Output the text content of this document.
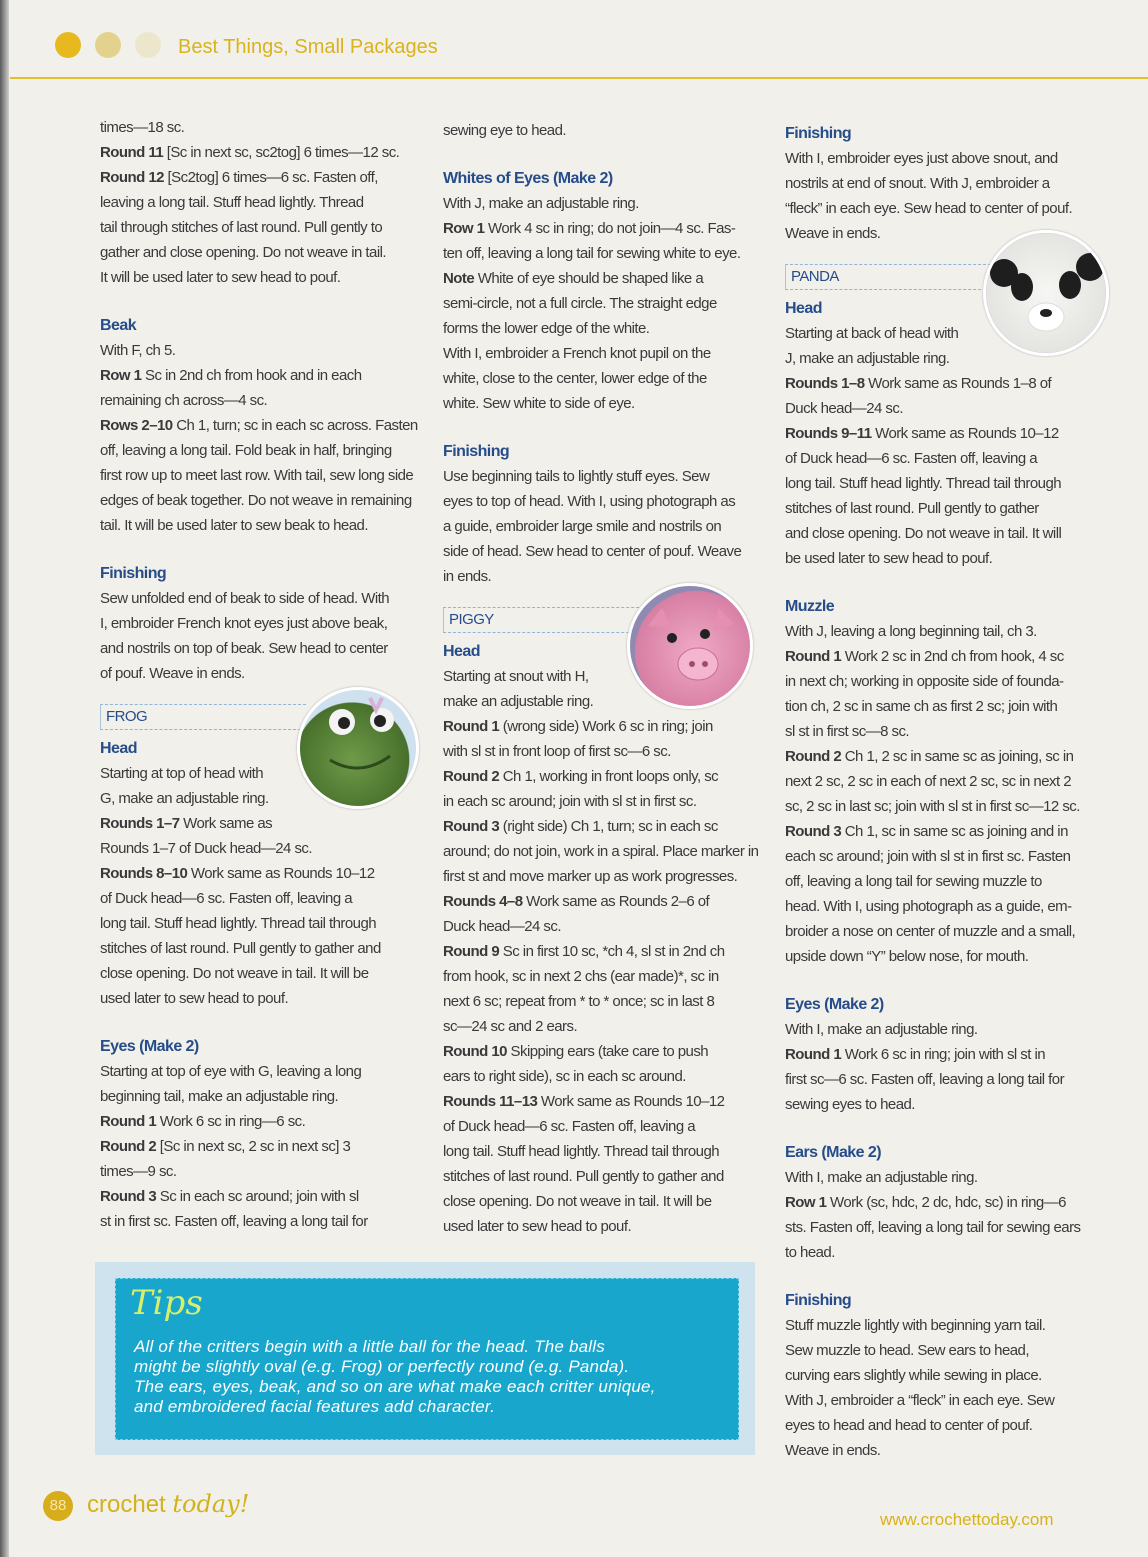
Best Things, Small Packages

times—18 sc.

Round 11 [Sc in next sc, sc2tog] 6 times—12 sc.

Round 12 [Sc2tog] 6 times—6 sc. Fasten off,
leaving a long tail. Stuff head lightly. Thread
tail through stitches of last round. Pull gently to
gather and close opening. Do not weave in tail.
It will be used later to sew head to pouf.

Beak

With F, ch 5.

Row 1 Sc in 2nd ch from hook and in each
remaining ch across—4 sc.

Rows 2–10 Ch 1, turn; sc in each sc across. Fasten
off, leaving a long tail. Fold beak in half, bringing
first row up to meet last row. With tail, sew long side
edges of beak together. Do not weave in remaining
tail. It will be used later to sew beak to head.

Finishing

Sew unfolded end of beak to side of head. With
I, embroider French knot eyes just above beak,
and nostrils on top of beak. Sew head to center
of pouf. Weave in ends.

FROG
Head

Starting at top of head with
G, make an adjustable ring.

Rounds 1–7 Work same as
Rounds 1–7 of Duck head—24 sc.

Rounds 8–10 Work same as Rounds 10–12
of Duck head—6 sc. Fasten off, leaving a
long tail. Stuff head lightly. Thread tail through
stitches of last round. Pull gently to gather and
close opening. Do not weave in tail. It will be
used later to sew head to pouf.

Eyes (Make 2)

Starting at top of eye with G, leaving a long
beginning tail, make an adjustable ring.

Round 1 Work 6 sc in ring—6 sc.

Round 2 [Sc in next sc, 2 sc in next sc] 3
times—9 sc.

Round 3 Sc in each sc around; join with sl
st in first sc. Fasten off, leaving a long tail for

sewing eye to head.

Whites of Eyes (Make 2)

With J, make an adjustable ring.

Row 1 Work 4 sc in ring; do not join—4 sc. Fas-
ten off, leaving a long tail for sewing white to eye.

Note White of eye should be shaped like a
semi-circle, not a full circle. The straight edge
forms the lower edge of the white.

With I, embroider a French knot pupil on the
white, close to the center, lower edge of the
white. Sew white to side of eye.

Finishing

Use beginning tails to lightly stuff eyes. Sew
eyes to top of head. With I, using photograph as
a guide, embroider large smile and nostrils on
side of head. Sew head to center of pouf. Weave
in ends.

PIGGY
Head

Starting at snout with H,
make an adjustable ring.

Round 1 (wrong side) Work 6 sc in ring; join
with sl st in front loop of first sc—6 sc.

Round 2 Ch 1, working in front loops only, sc
in each sc around; join with sl st in first sc.

Round 3 (right side) Ch 1, turn; sc in each sc
around; do not join, work in a spiral. Place marker in
first st and move marker up as work progresses.

Rounds 4–8 Work same as Rounds 2–6 of
Duck head—24 sc.

Round 9 Sc in first 10 sc, *ch 4, sl st in 2nd ch
from hook, sc in next 2 chs (ear made)*, sc in
next 6 sc; repeat from * to * once; sc in last 8
sc—24 sc and 2 ears.

Round 10 Skipping ears (take care to push
ears to right side), sc in each sc around.

Rounds 11–13 Work same as Rounds 10–12
of Duck head—6 sc. Fasten off, leaving a
long tail. Stuff head lightly. Thread tail through
stitches of last round. Pull gently to gather and
close opening. Do not weave in tail. It will be
used later to sew head to pouf.

Finishing

With I, embroider eyes just above snout, and
nostrils at end of snout. With J, embroider a
“fleck” in each eye. Sew head to center of pouf.
Weave in ends.

PANDA
Head

Starting at back of head with
J, make an adjustable ring.

Rounds 1–8 Work same as Rounds 1–8 of
Duck head—24 sc.

Rounds 9–11 Work same as Rounds 10–12
of Duck head—6 sc. Fasten off, leaving a
long tail. Stuff head lightly. Thread tail through
stitches of last round. Pull gently to gather
and close opening. Do not weave in tail. It will
be used later to sew head to pouf.

Muzzle

With J, leaving a long beginning tail, ch 3.

Round 1 Work 2 sc in 2nd ch from hook, 4 sc
in next ch; working in opposite side of founda-
tion ch, 2 sc in same ch as first 2 sc; join with
sl st in first sc—8 sc.

Round 2 Ch 1, 2 sc in same sc as joining, sc in
next 2 sc, 2 sc in each of next 2 sc, sc in next 2
sc, 2 sc in last sc; join with sl st in first sc—12 sc.

Round 3 Ch 1, sc in same sc as joining and in
each sc around; join with sl st in first sc. Fasten
off, leaving a long tail for sewing muzzle to
head. With I, using photograph as a guide, em-
broider a nose on center of muzzle and a small,
upside down “Y” below nose, for mouth.

Eyes (Make 2)

With I, make an adjustable ring.

Round 1 Work 6 sc in ring; join with sl st in
first sc—6 sc. Fasten off, leaving a long tail for
sewing eyes to head.

Ears (Make 2)

With I, make an adjustable ring.

Row 1 Work (sc, hdc, 2 dc, hdc, sc) in ring—6
sts. Fasten off, leaving a long tail for sewing ears
to head.

Finishing

Stuff muzzle lightly with beginning yarn tail.
Sew muzzle to head. Sew ears to head,
curving ears slightly while sewing in place.
With J, embroider a “fleck” in each eye. Sew
eyes to head and head to center of pouf.
Weave in ends.

Tips
All of the critters begin with a little ball for the head. The balls
might be slightly oval (e.g. Frog) or perfectly round (e.g. Panda).
The ears, eyes, beak, and so on are what make each critter unique,
and embroidered facial features add character.
88 crochet today!
www.crochettoday.com
